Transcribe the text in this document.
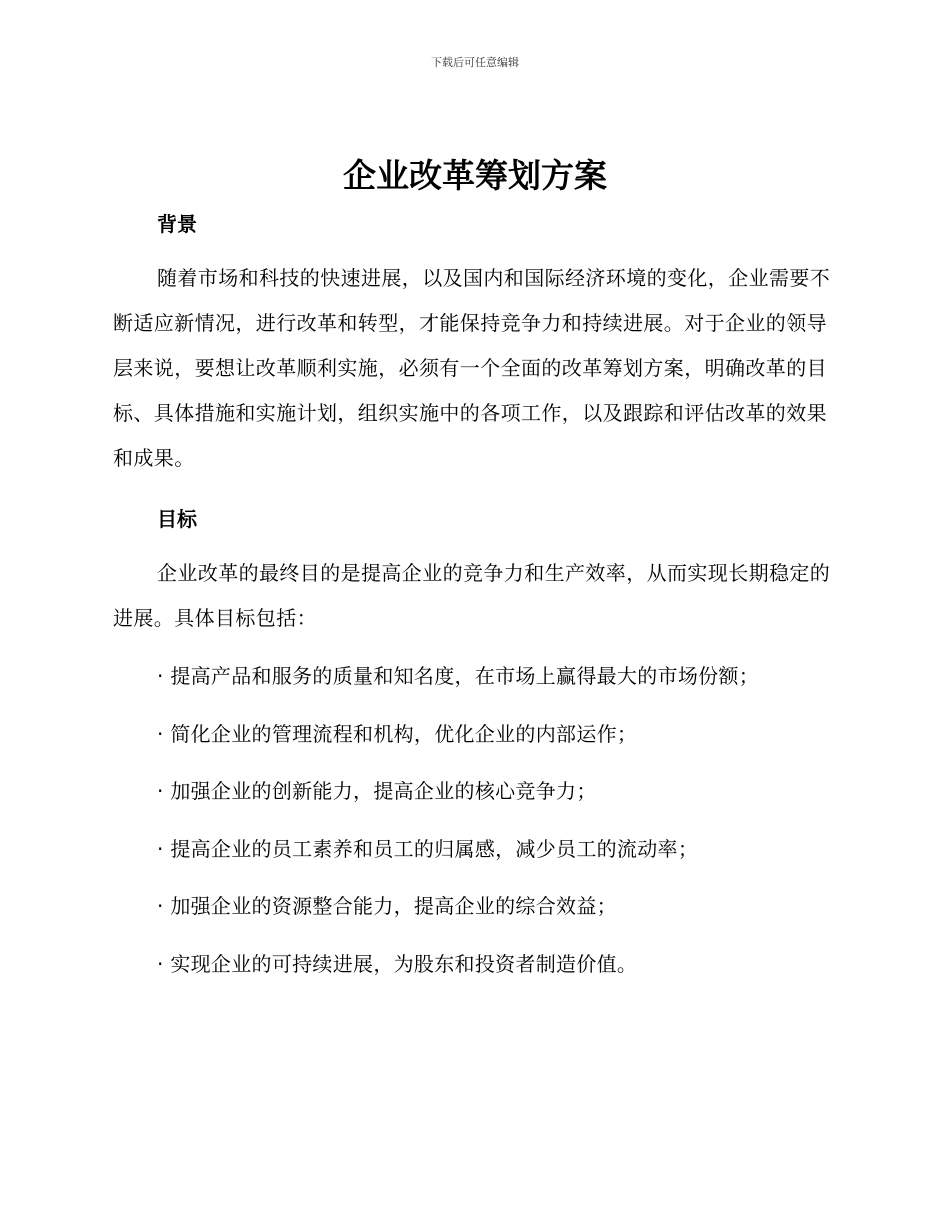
下载后可任意编辑
企业改革筹划方案
背景

随着市场和科技的快速进展，以及国内和国际经济环境的变化，企业需要不断适应新情况，进行改革和转型，才能保持竞争力和持续进展。对于企业的领导层来说，要想让改革顺利实施，必须有一个全面的改革筹划方案，明确改革的目标、具体措施和实施计划，组织实施中的各项工作，以及跟踪和评估改革的效果和成果。

目标

企业改革的最终目的是提高企业的竞争力和生产效率，从而实现长期稳定的进展。具体目标包括：

· 提高产品和服务的质量和知名度，在市场上赢得最大的市场份额；
· 简化企业的管理流程和机构，优化企业的内部运作；
· 加强企业的创新能力，提高企业的核心竞争力；
· 提高企业的员工素养和员工的归属感，减少员工的流动率；
· 加强企业的资源整合能力，提高企业的综合效益；
· 实现企业的可持续进展，为股东和投资者制造价值。
